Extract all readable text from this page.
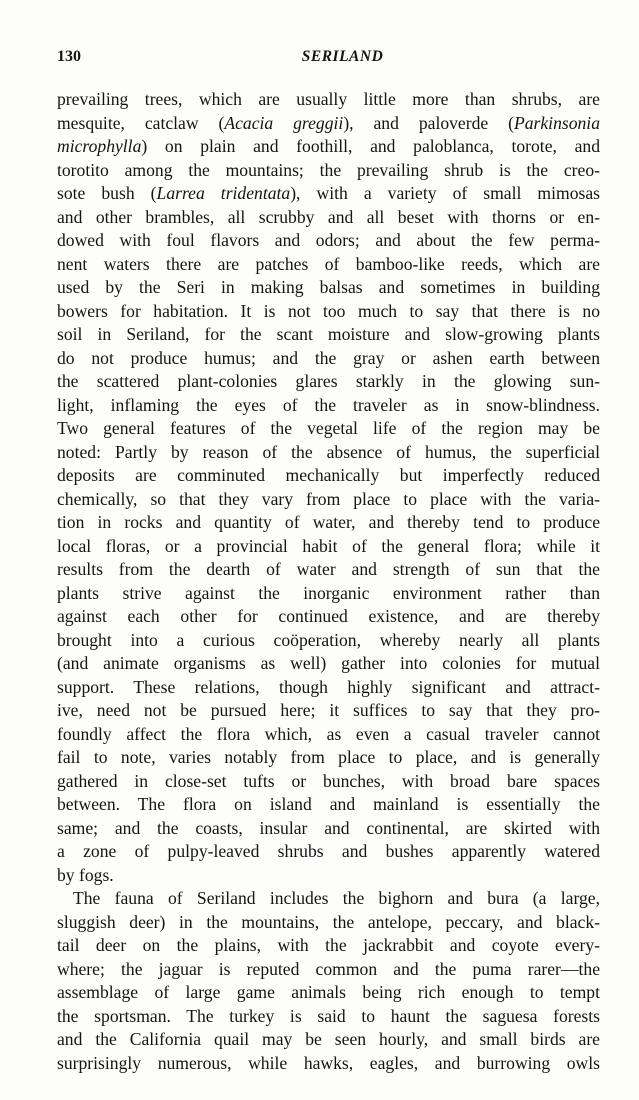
130	SERILAND
prevailing trees, which are usually little more than shrubs, are
mesquite, catclaw (Acacia greggii), and paloverde (Parkinsonia
microphylla) on plain and foothill, and paloblanca, torote, and
torotito among the mountains; the prevailing shrub is the creo-
sote bush (Larrea tridentata), with a variety of small mimosas
and other brambles, all scrubby and all beset with thorns or en-
dowed with foul flavors and odors; and about the few perma-
nent waters there are patches of bamboo-like reeds, which are
used by the Seri in making balsas and sometimes in building
bowers for habitation. It is not too much to say that there is no
soil in Seriland, for the scant moisture and slow-growing plants
do not produce humus; and the gray or ashen earth between
the scattered plant-colonies glares starkly in the glowing sun-
light, inflaming the eyes of the traveler as in snow-blindness.
Two general features of the vegetal life of the region may be
noted: Partly by reason of the absence of humus, the superficial
deposits are comminuted mechanically but imperfectly reduced
chemically, so that they vary from place to place with the varia-
tion in rocks and quantity of water, and thereby tend to produce
local floras, or a provincial habit of the general flora; while it
results from the dearth of water and strength of sun that the
plants strive against the inorganic environment rather than
against each other for continued existence, and are thereby
brought into a curious coöperation, whereby nearly all plants
(and animate organisms as well) gather into colonies for mutual
support. These relations, though highly significant and attract-
ive, need not be pursued here; it suffices to say that they pro-
foundly affect the flora which, as even a casual traveler cannot
fail to note, varies notably from place to place, and is generally
gathered in close-set tufts or bunches, with broad bare spaces
between. The flora on island and mainland is essentially the
same; and the coasts, insular and continental, are skirted with
a zone of pulpy-leaved shrubs and bushes apparently watered
by fogs.
The fauna of Seriland includes the bighorn and bura (a large,
sluggish deer) in the mountains, the antelope, peccary, and black-
tail deer on the plains, with the jackrabbit and coyote every-
where; the jaguar is reputed common and the puma rarer—the
assemblage of large game animals being rich enough to tempt
the sportsman. The turkey is said to haunt the saguesa forests
and the California quail may be seen hourly, and small birds are
surprisingly numerous, while hawks, eagles, and burrowing owls
